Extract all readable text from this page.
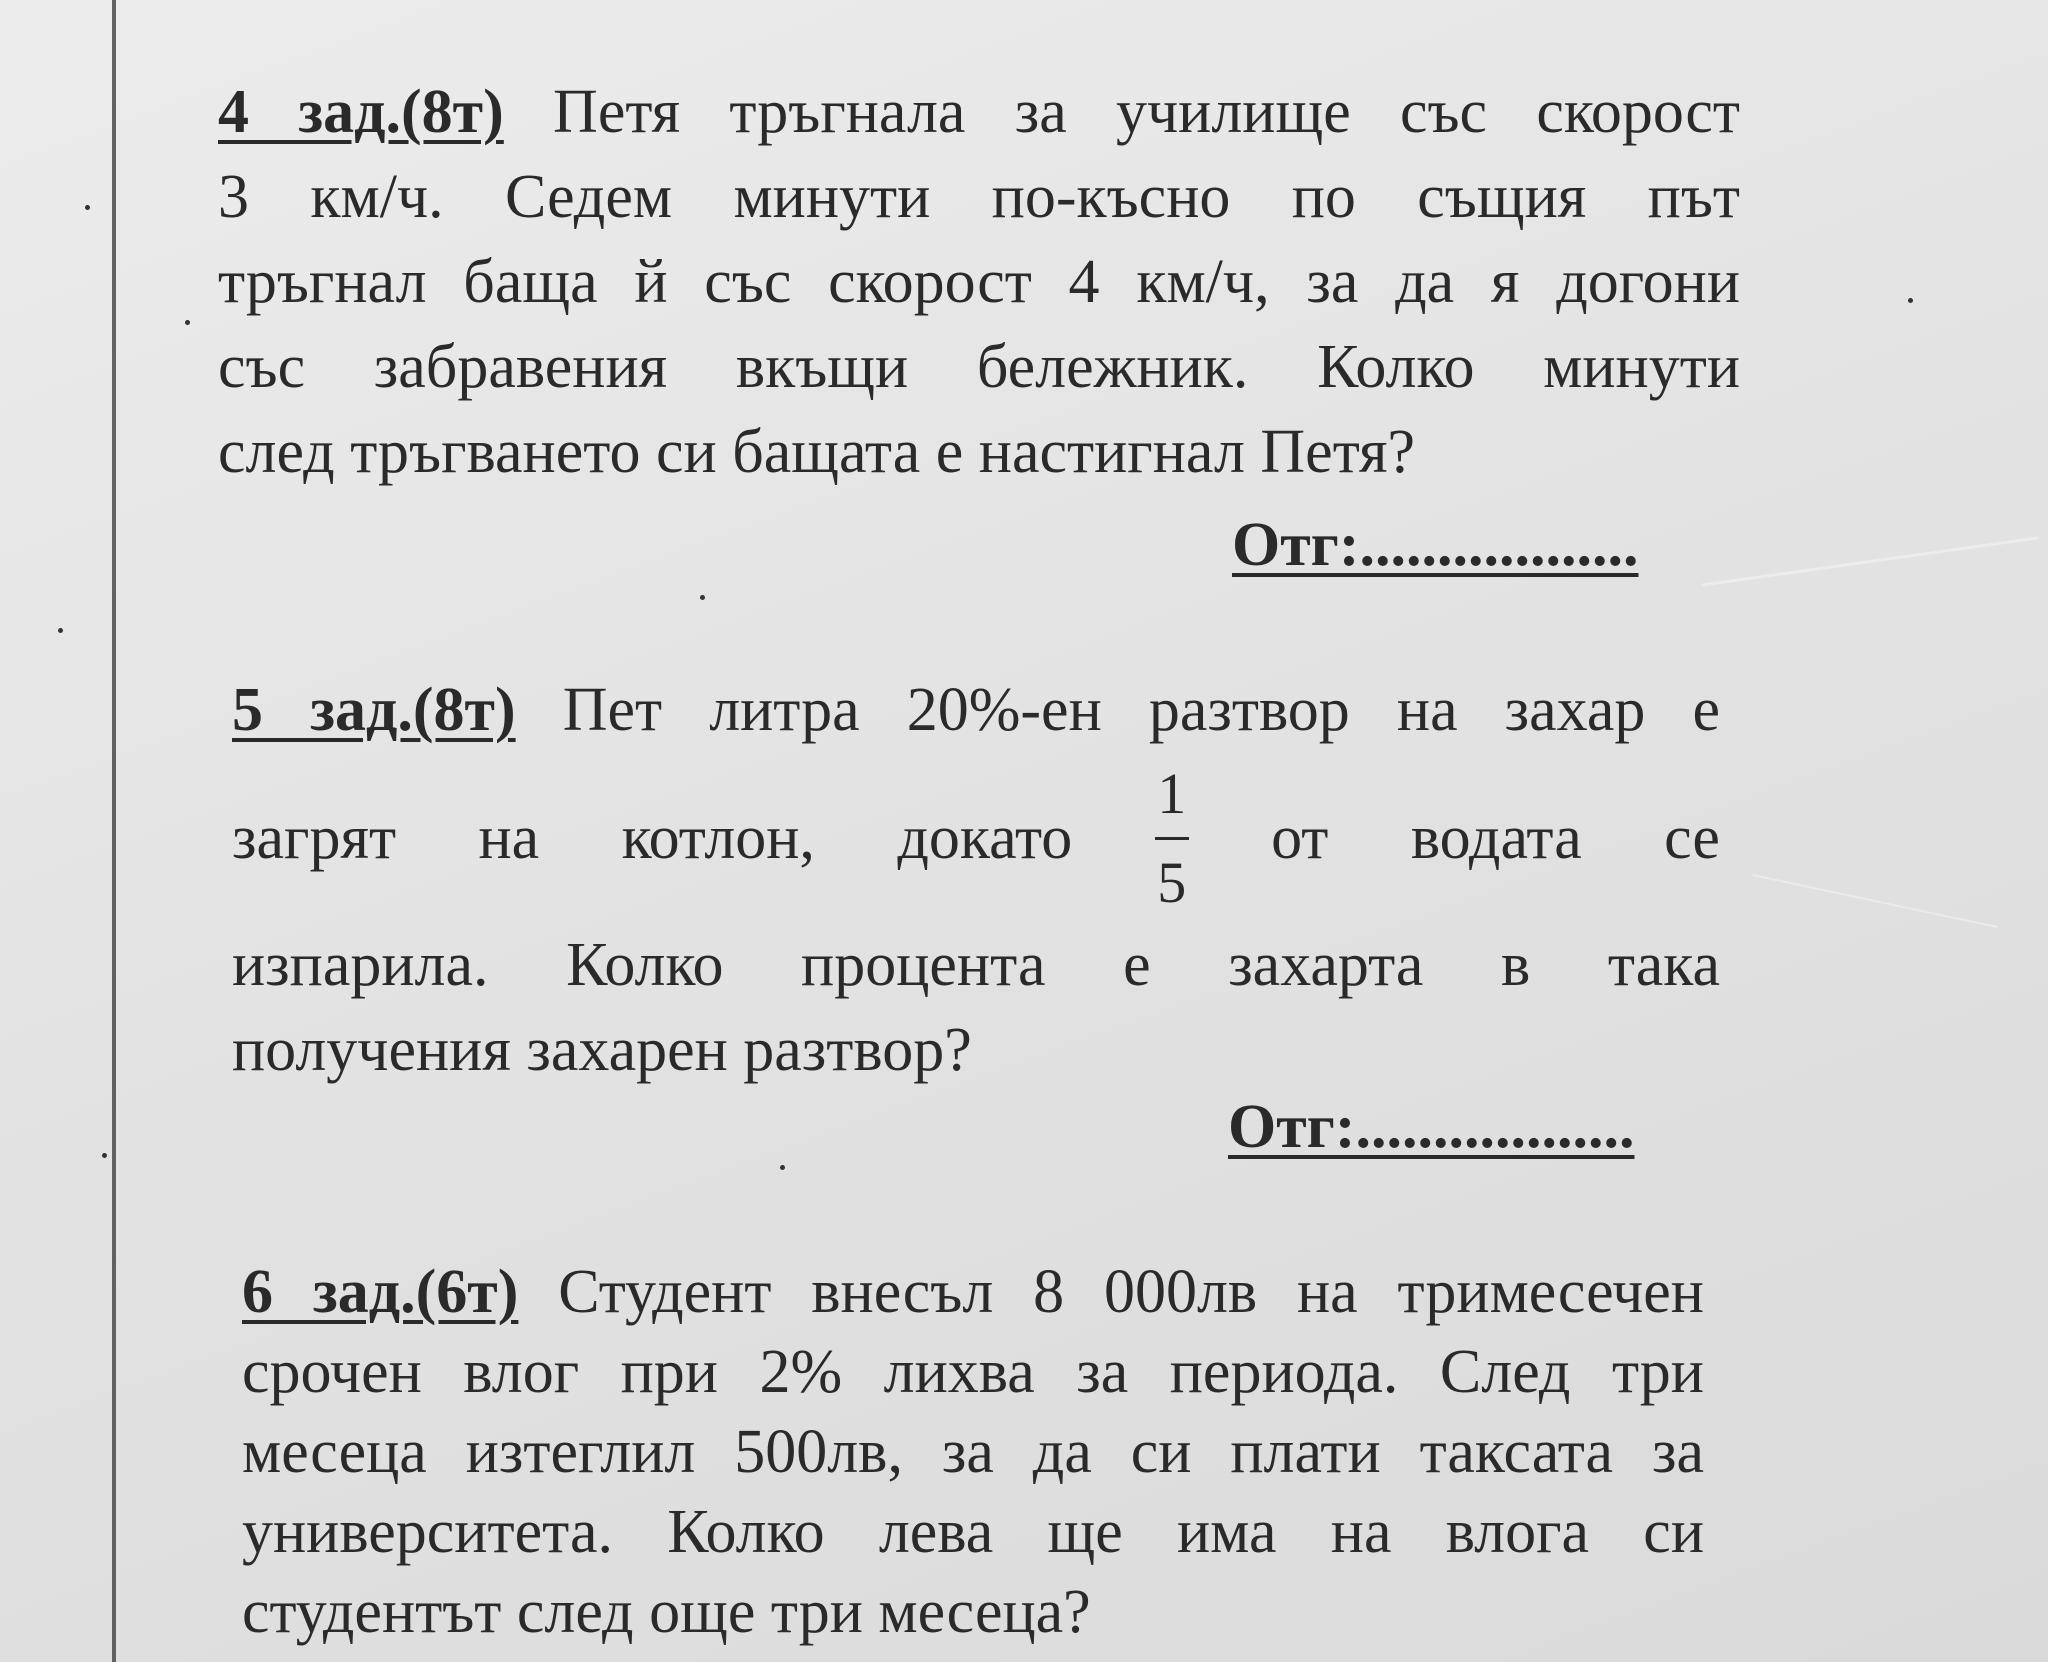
4 зад.(8т) Петя тръгнала за училище със скорост
3 км/ч. Седем минути по-късно по същия път
тръгнал баща й със скорост 4 км/ч, за да я догони
със забравения вкъщи бележник. Колко минути
след тръгването си бащата е настигнал Петя?
Отг:..................
5 зад.(8т) Пет литра 20%-ен разтвор на захар е
загрят на котлон, докато $\frac{1}{5}$ от водата се
изпарила. Колко процента е захарта в така
получения захарен разтвор?
Отг:..................
6 зад.(6т) Студент внесъл 8 000лв на тримесечен
срочен влог при 2% лихва за периода. След три
месеца изтеглил 500лв, за да си плати таксата за
университета. Колко лева ще има на влога си
студентът след още три месеца?
